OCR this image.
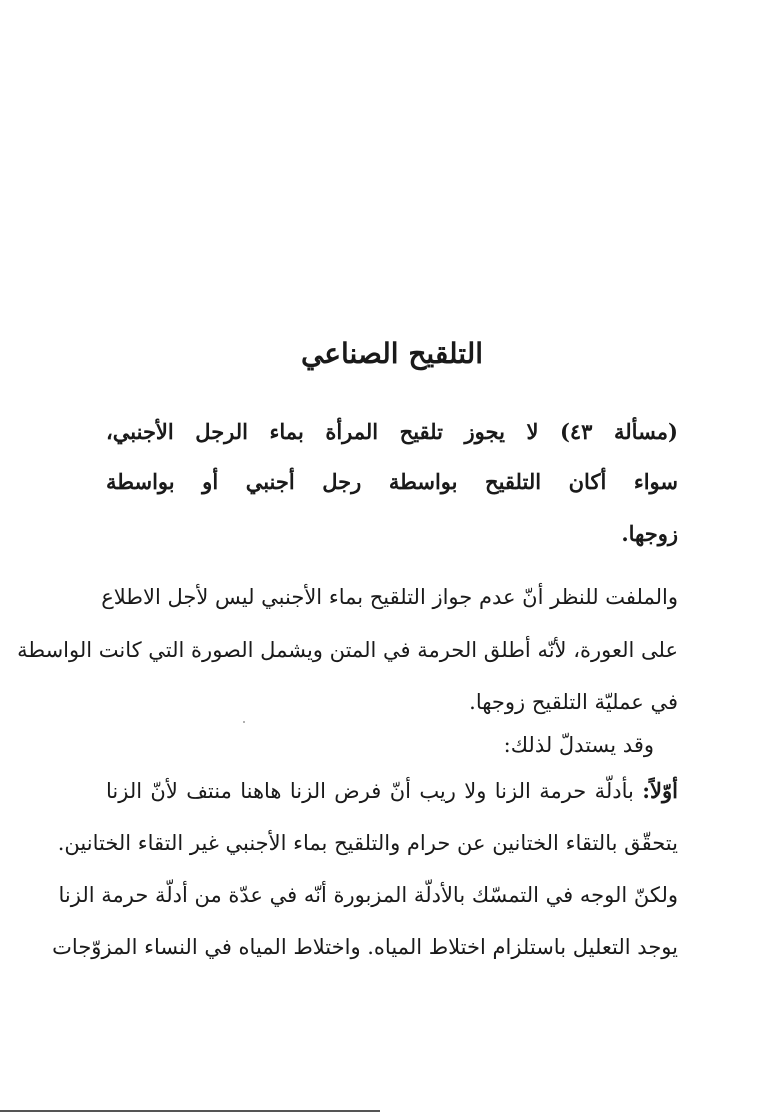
التلقيح الصناعي
(مسألة ٤٣) لا يجوز تلقيح المرأة بماء الرجل الأجنبي،
سواء أكان التلقيح بواسطة رجل أجنبي أو بواسطة
زوجها.
والملفت للنظر أنّ عدم جواز التلقيح بماء الأجنبي ليس لأجل الاطلاع
على العورة، لأنّه أطلق الحرمة في المتن ويشمل الصورة التي كانت الواسطة
في عمليّة التلقيح زوجها.
وقد يستدلّ لذلك:
أوّلاً: بأدلّة حرمة الزنا ولا ريب أنّ فرض الزنا هاهنا منتف لأنّ الزنا
يتحقّق بالتقاء الختانين عن حرام والتلقيح بماء الأجنبي غير التقاء الختانين.
ولكنّ الوجه في التمسّك بالأدلّة المزبورة أنّه في عدّة من أدلّة حرمة الزنا
يوجد التعليل باستلزام اختلاط المياه. واختلاط المياه في النساء المزوّجات
